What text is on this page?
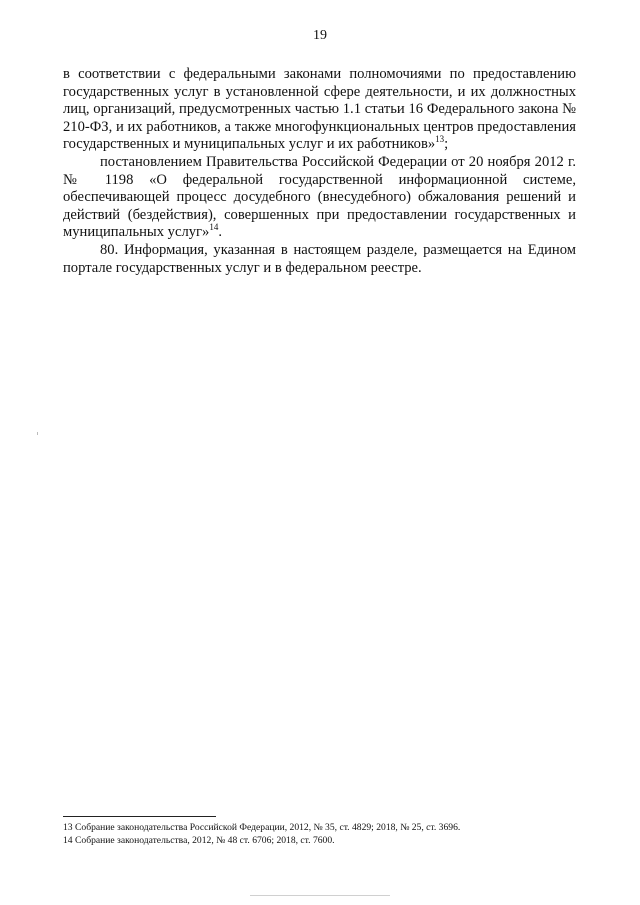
19

в соответствии с федеральными законами полномочиями по предоставлению государственных услуг в установленной сфере деятельности, и их должностных лиц, организаций, предусмотренных частью 1.1 статьи 16 Федерального закона № 210-ФЗ, и их работников, а также многофункциональных центров предоставления государственных и муниципальных услуг и их работников»$^{13}$;

постановлением Правительства Российской Федерации от 20 ноября 2012 г. № 1198 «О федеральной государственной информационной системе, обеспечивающей процесс досудебного (внесудебного) обжалования решений и действий (бездействия), совершенных при предоставлении государственных и муниципальных услуг»$^{14}$.

80. Информация, указанная в настоящем разделе, размещается на Едином портале государственных услуг и в федеральном реестре.

13 Собрание законодательства Российской Федерации, 2012, № 35, ст. 4829; 2018, № 25, ст. 3696.

14 Собрание законодательства, 2012, № 48 ст. 6706; 2018, ст. 7600.
